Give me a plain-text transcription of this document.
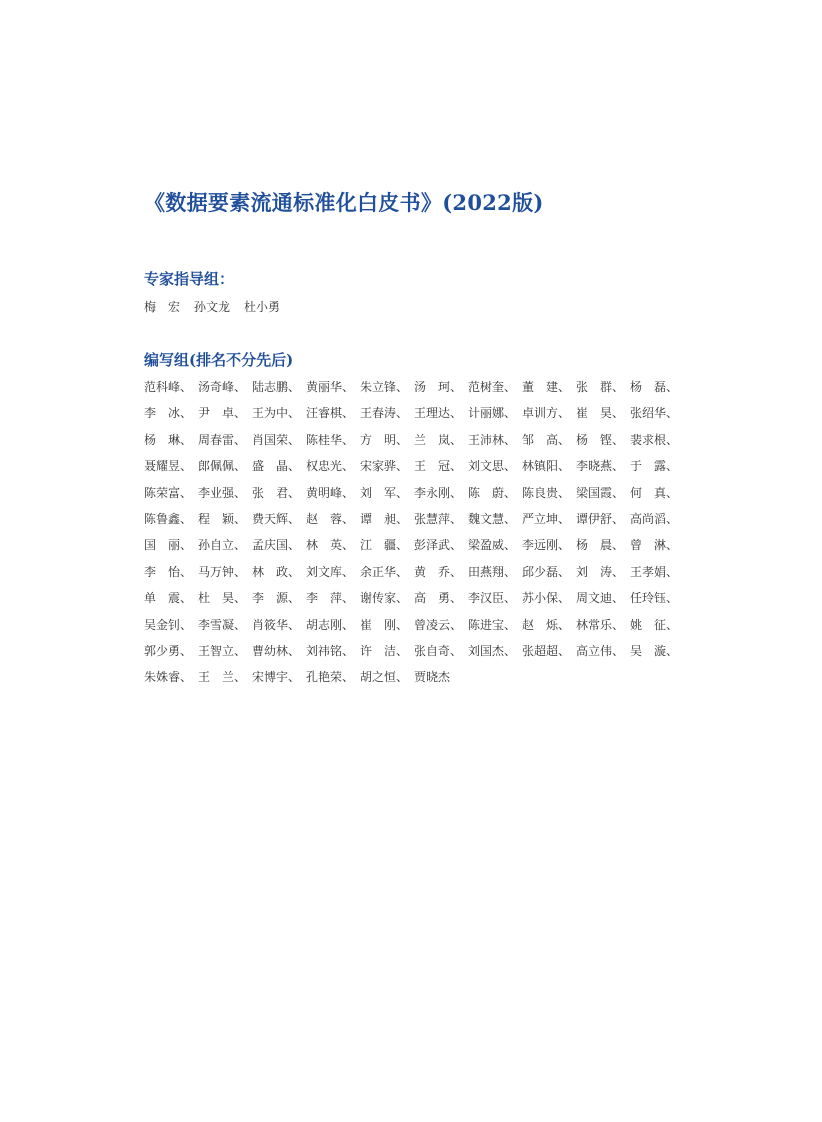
《数据要素流通标准化白皮书》(2022版)
专家指导组：
梅　宏 孙文龙 杜小勇
编写组(排名不分先后)
范科峰、 汤奇峰、 陆志鹏、 黄丽华、 朱立锋、 汤　珂、 范树奎、 董　建、 张　群、 杨　磊、
李　冰、 尹　卓、 王为中、 汪睿棋、 王春涛、 王理达、 计丽娜、 卓训方、 崔　昊、 张绍华、
杨　琳、 周春雷、 肖国荣、 陈桂华、 方　明、 兰　岚、 王沛林、 邹　高、 杨　铿、 裴求根、
聂耀昱、 郎佩佩、 盛　晶、 权忠光、 宋家骅、 王　冠、 刘文思、 林镇阳、 李晓燕、 于　露、
陈荣富、 李业强、 张　君、 黄明峰、 刘　军、 李永刚、 陈　蔚、 陈良贵、 梁国霞、 何　真、
陈鲁鑫、 程　颖、 费天辉、 赵　蓉、 谭　昶、 张慧萍、 魏文慧、 严立坤、 谭伊舒、 高尚滔、
国　丽、 孙自立、 孟庆国、 林　英、 江　疆、 彭泽武、 梁盈威、 李远刚、 杨　晨、 曾　淋、
李　怡、 马万钟、 林　政、 刘文库、 余正华、 黄　乔、 田燕翔、 邱少磊、 刘　涛、 王孝娟、
单　震、 杜　昊、 李　源、 李　萍、 谢传家、 高　勇、 李汉臣、 苏小保、 周文迪、 任玲钰、
吴金钊、 李雪凝、 肖筱华、 胡志刚、 崔　刚、 曾凌云、 陈进宝、 赵　烁、 林常乐、 姚　征、
郭少勇、 王智立、 曹幼林、 刘祎铭、 许　洁、 张自奇、 刘国杰、 张超超、 高立伟、 吴　漩、
朱姝睿、 王　兰、 宋博宇、 孔艳荣、 胡之恒、 贾晓杰
